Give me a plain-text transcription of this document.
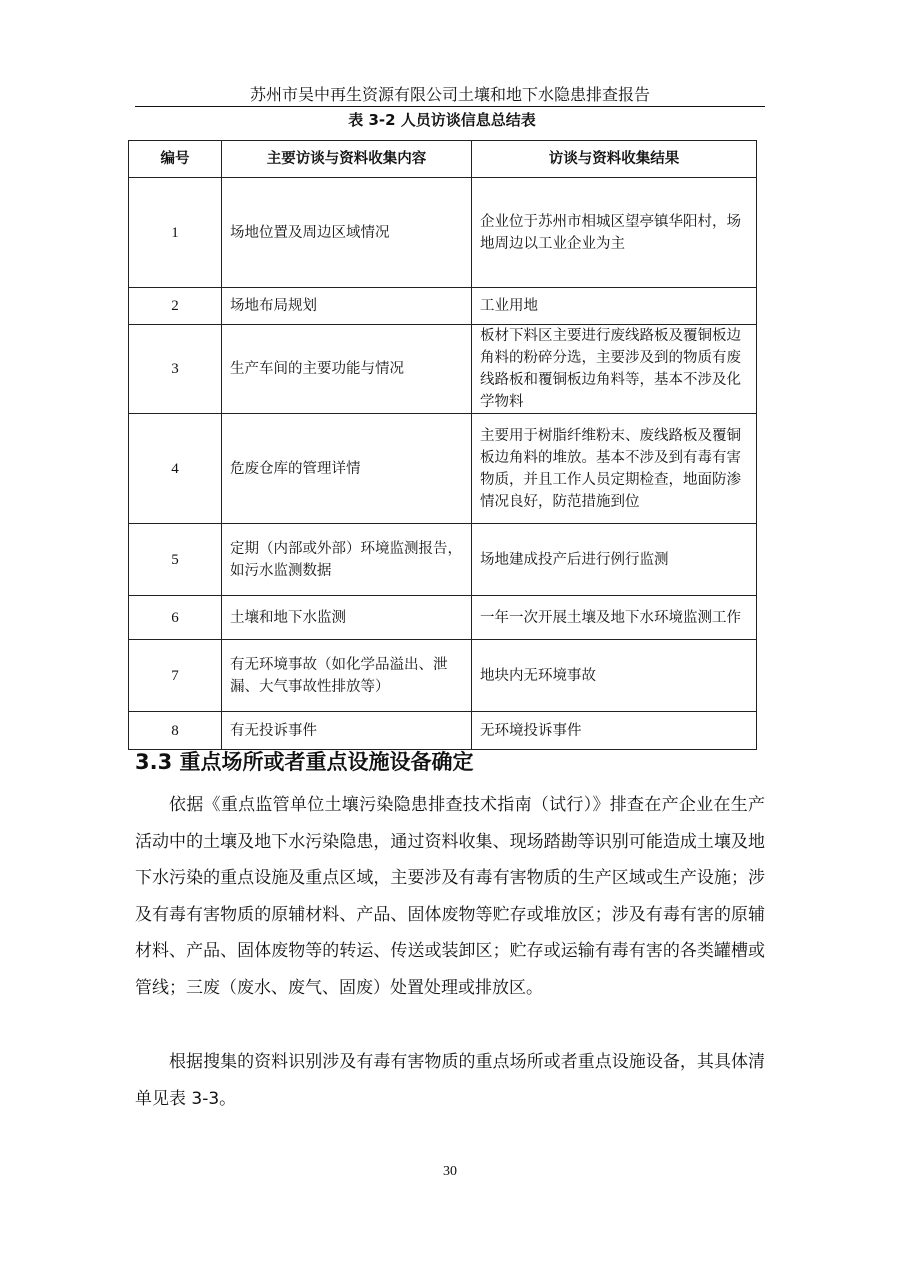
苏州市吴中再生资源有限公司土壤和地下水隐患排查报告
表 3-2 人员访谈信息总结表
编号	主要访谈与资料收集内容	访谈与资料收集结果
1	场地位置及周边区域情况	企业位于苏州市相城区望亭镇华阳村，场地周边以工业企业为主
2	场地布局规划	工业用地
3	生产车间的主要功能与情况	板材下料区主要进行废线路板及覆铜板边角料的粉碎分选，主要涉及到的物质有废线路板和覆铜板边角料等，基本不涉及化学物料
4	危废仓库的管理详情	主要用于树脂纤维粉末、废线路板及覆铜板边角料的堆放。基本不涉及到有毒有害物质，并且工作人员定期检查，地面防渗情况良好，防范措施到位
5	定期（内部或外部）环境监测报告，如污水监测数据	场地建成投产后进行例行监测
6	土壤和地下水监测	一年一次开展土壤及地下水环境监测工作
7	有无环境事故（如化学品溢出、泄漏、大气事故性排放等）	地块内无环境事故
8	有无投诉事件	无环境投诉事件
3.3 重点场所或者重点设施设备确定

依据《重点监管单位土壤污染隐患排查技术指南（试行）》排查在产企业在生产活动中的土壤及地下水污染隐患，通过资料收集、现场踏勘等识别可能造成土壤及地下水污染的重点设施及重点区域，主要涉及有毒有害物质的生产区域或生产设施；涉及有毒有害物质的原辅材料、产品、固体废物等贮存或堆放区；涉及有毒有害的原辅材料、产品、固体废物等的转运、传送或装卸区；贮存或运输有毒有害的各类罐槽或管线；三废（废水、废气、固废）处置处理或排放区。

根据搜集的资料识别涉及有毒有害物质的重点场所或者重点设施设备，其具体清单见表 3-3。

30
